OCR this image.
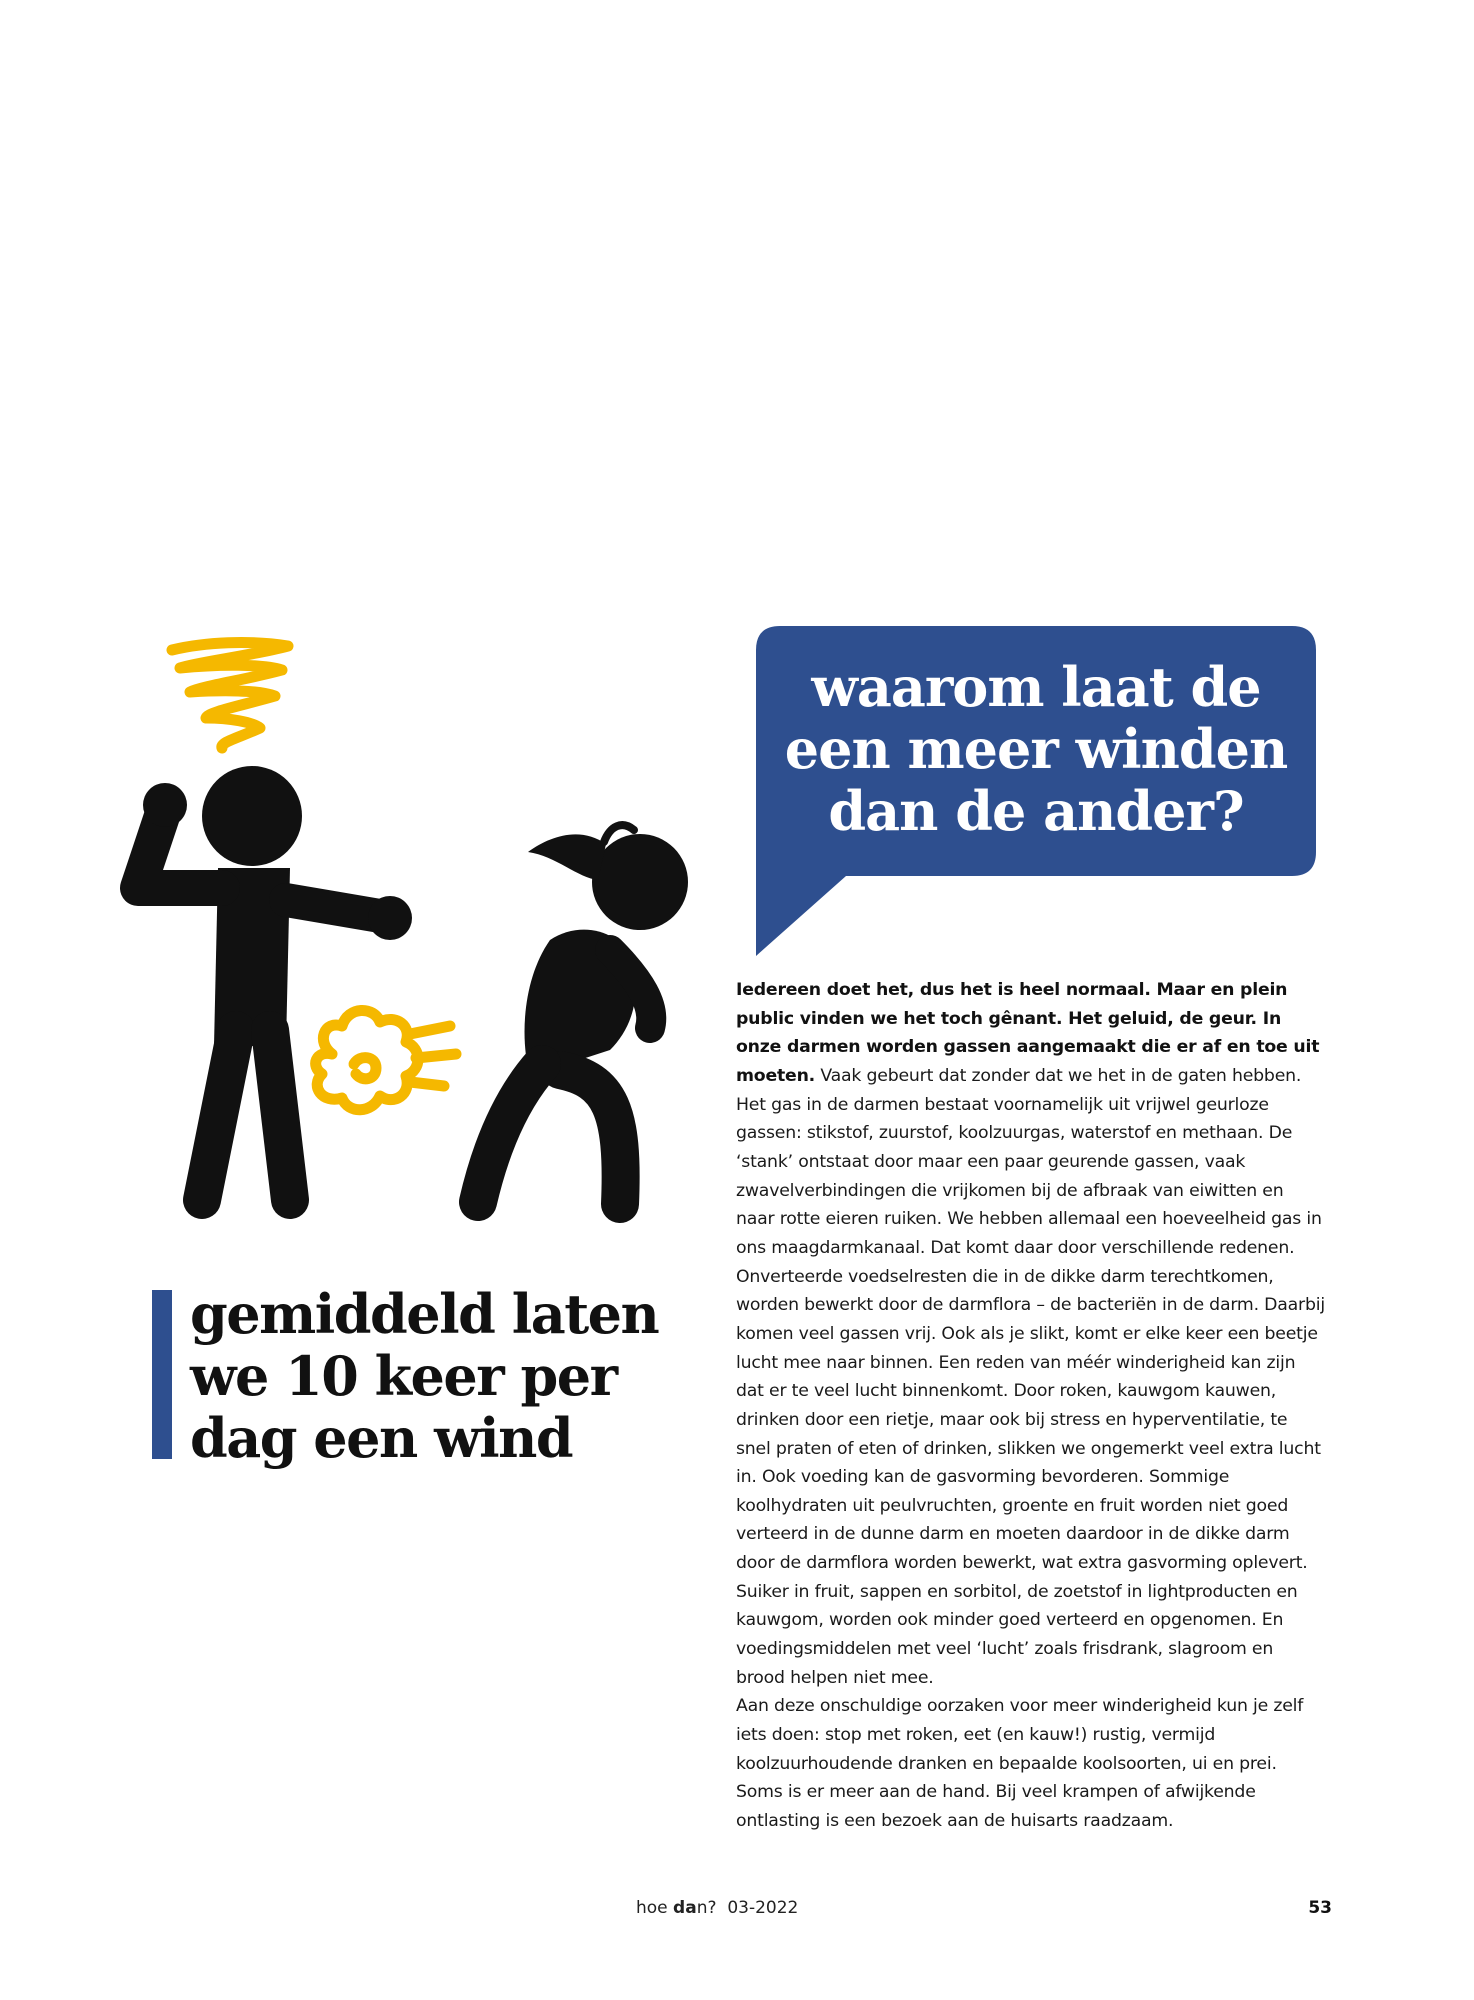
waarom laat de
een meer winden
dan de ander?
gemiddeld laten
we 10 keer per
dag een wind
Iedereen doet het, dus het is heel normaal. Maar en plein public vinden we het toch gênant. Het geluid, de geur. In onze darmen worden gassen aangemaakt die er af en toe uit moeten. Vaak gebeurt dat zonder dat we het in de gaten hebben. Het gas in de darmen bestaat voornamelijk uit vrijwel geurloze gassen: stikstof, zuurstof, koolzuurgas, waterstof en methaan. De ‘stank’ ontstaat door maar een paar geurende gassen, vaak zwavelverbindingen die vrijkomen bij de afbraak van eiwitten en naar rotte eieren ruiken. We hebben allemaal een hoeveelheid gas in ons maagdarmkanaal. Dat komt daar door verschillende redenen. Onverteerde voedselresten die in de dikke darm terechtkomen, worden bewerkt door de darmflora – de bacteriën in de darm. Daarbij komen veel gassen vrij. Ook als je slikt, komt er elke keer een beetje lucht mee naar binnen. Een reden van méér winderigheid kan zijn dat er te veel lucht binnenkomt. Door roken, kauwgom kauwen, drinken door een rietje, maar ook bij stress en hyperventilatie, te snel praten of eten of drinken, slikken we ongemerkt veel extra lucht in. Ook voeding kan de gasvorming bevorderen. Sommige koolhydraten uit peulvruchten, groente en fruit worden niet goed verteerd in de dunne darm en moeten daardoor in de dikke darm door de darmflora worden bewerkt, wat extra gasvorming oplevert. Suiker in fruit, sappen en sorbitol, de zoetstof in lightproducten en kauwgom, worden ook minder goed verteerd en opgenomen. En voedingsmiddelen met veel ‘lucht’ zoals frisdrank, slagroom en brood helpen niet mee.
Aan deze onschuldige oorzaken voor meer winderigheid kun je zelf iets doen: stop met roken, eet (en kauw!) rustig, vermijd koolzuurhoudende dranken en bepaalde koolsoorten, ui en prei. Soms is er meer aan de hand. Bij veel krampen of afwijkende ontlasting is een bezoek aan de huisarts raadzaam.
hoe dan? 03-2022	53
